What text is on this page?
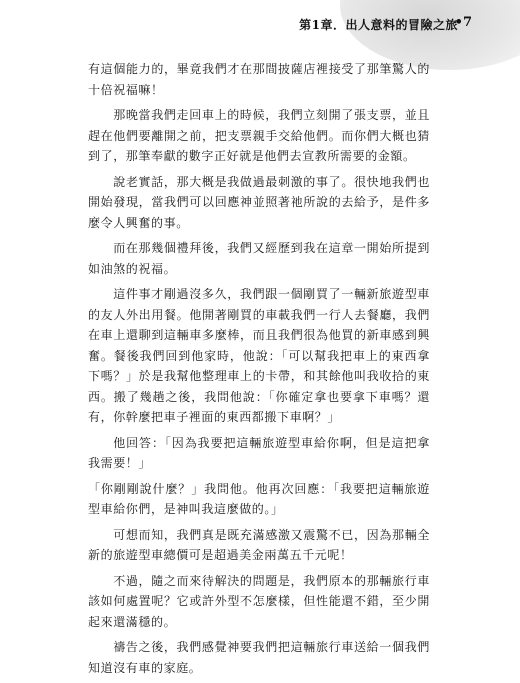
第1章．出人意料的冒險之旅
•7

有這個能力的，畢竟我們才在那間披薩店裡接受了那筆驚人的十倍祝福嘛！

那晚當我們走回車上的時候，我們立刻開了張支票，並且趕在他們要離開之前，把支票親手交給他們。而你們大概也猜到了，那筆奉獻的數字正好就是他們去宣教所需要的金額。

說老實話，那大概是我做過最刺激的事了。很快地我們也開始發現，當我們可以回應神並照著祂所說的去給予，是件多麼令人興奮的事。

而在那幾個禮拜後，我們又經歷到我在這章一開始所提到如油煞的祝福。

這件事才剛過沒多久，我們跟一個剛買了一輛新旅遊型車的友人外出用餐。他開著剛買的車載我們一行人去餐廳，我們在車上還聊到這輛車多麼棒，而且我們很為他買的新車感到興奮。餐後我們回到他家時，他說：「可以幫我把車上的東西拿下嗎？」於是我幫他整理車上的卡帶，和其餘他叫我收拾的東西。搬了幾趟之後，我問他說：「你確定拿也要拿下車嗎？還有，你幹麼把車子裡面的東西都搬下車啊？」

他回答：「因為我要把這輛旅遊型車給你啊，但是這把拿我需要！」

「你剛剛說什麼？」我問他。他再次回應：「我要把這輛旅遊型車給你們，是神叫我這麼做的。」

可想而知，我們真是既充滿感激又震驚不已，因為那輛全新的旅遊型車總價可是超過美金兩萬五千元呢！

不過，隨之而來待解決的問題是，我們原本的那輛旅行車該如何處置呢？它或許外型不怎麼樣，但性能還不錯，至少開起來還滿穩的。

禱告之後，我們感覺神要我們把這輛旅行車送給一個我們知道沒有車的家庭。
